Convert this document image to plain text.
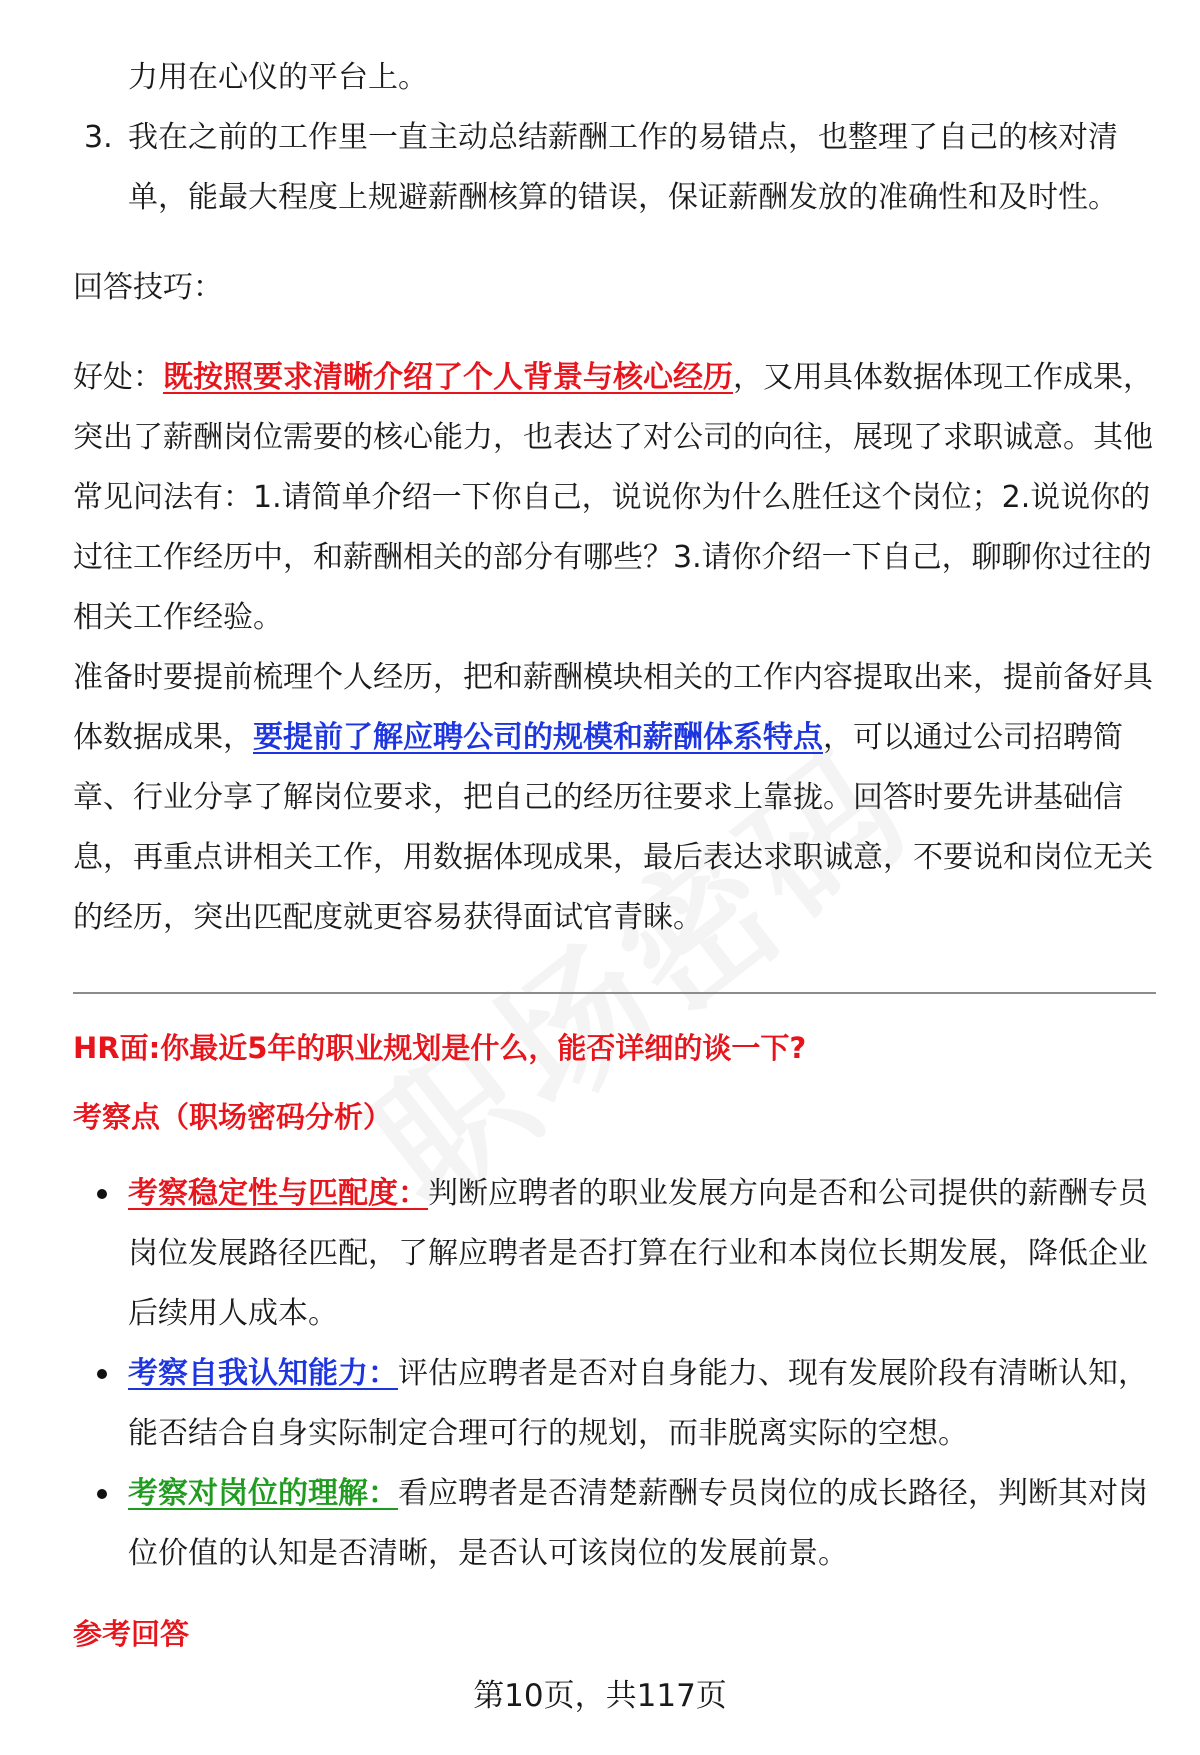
力用在心仪的平台上。
3. 我在之前的工作里一直主动总结薪酬工作的易错点，也整理了自己的核对清
单，能最大程度上规避薪酬核算的错误，保证薪酬发放的准确性和及时性。
回答技巧：
好处：既按照要求清晰介绍了个人背景与核心经历，又用具体数据体现工作成果，
突出了薪酬岗位需要的核心能力，也表达了对公司的向往，展现了求职诚意。其他
常见问法有：1.请简单介绍一下你自己，说说你为什么胜任这个岗位；2.说说你的
过往工作经历中，和薪酬相关的部分有哪些？3.请你介绍一下自己，聊聊你过往的
相关工作经验。
准备时要提前梳理个人经历，把和薪酬模块相关的工作内容提取出来，提前备好具
体数据成果，要提前了解应聘公司的规模和薪酬体系特点，可以通过公司招聘简
章、行业分享了解岗位要求，把自己的经历往要求上靠拢。回答时要先讲基础信
息，再重点讲相关工作，用数据体现成果，最后表达求职诚意，不要说和岗位无关
的经历，突出匹配度就更容易获得面试官青睐。
HR面:你最近5年的职业规划是什么，能否详细的谈一下?
考察点（职场密码分析）
考察稳定性与匹配度：判断应聘者的职业发展方向是否和公司提供的薪酬专员
岗位发展路径匹配，了解应聘者是否打算在行业和本岗位长期发展，降低企业
后续用人成本。
考察自我认知能力：评估应聘者是否对自身能力、现有发展阶段有清晰认知，
能否结合自身实际制定合理可行的规划，而非脱离实际的空想。
考察对岗位的理解：看应聘者是否清楚薪酬专员岗位的成长路径，判断其对岗
位价值的认知是否清晰，是否认可该岗位的发展前景。
参考回答
第10页，共117页
